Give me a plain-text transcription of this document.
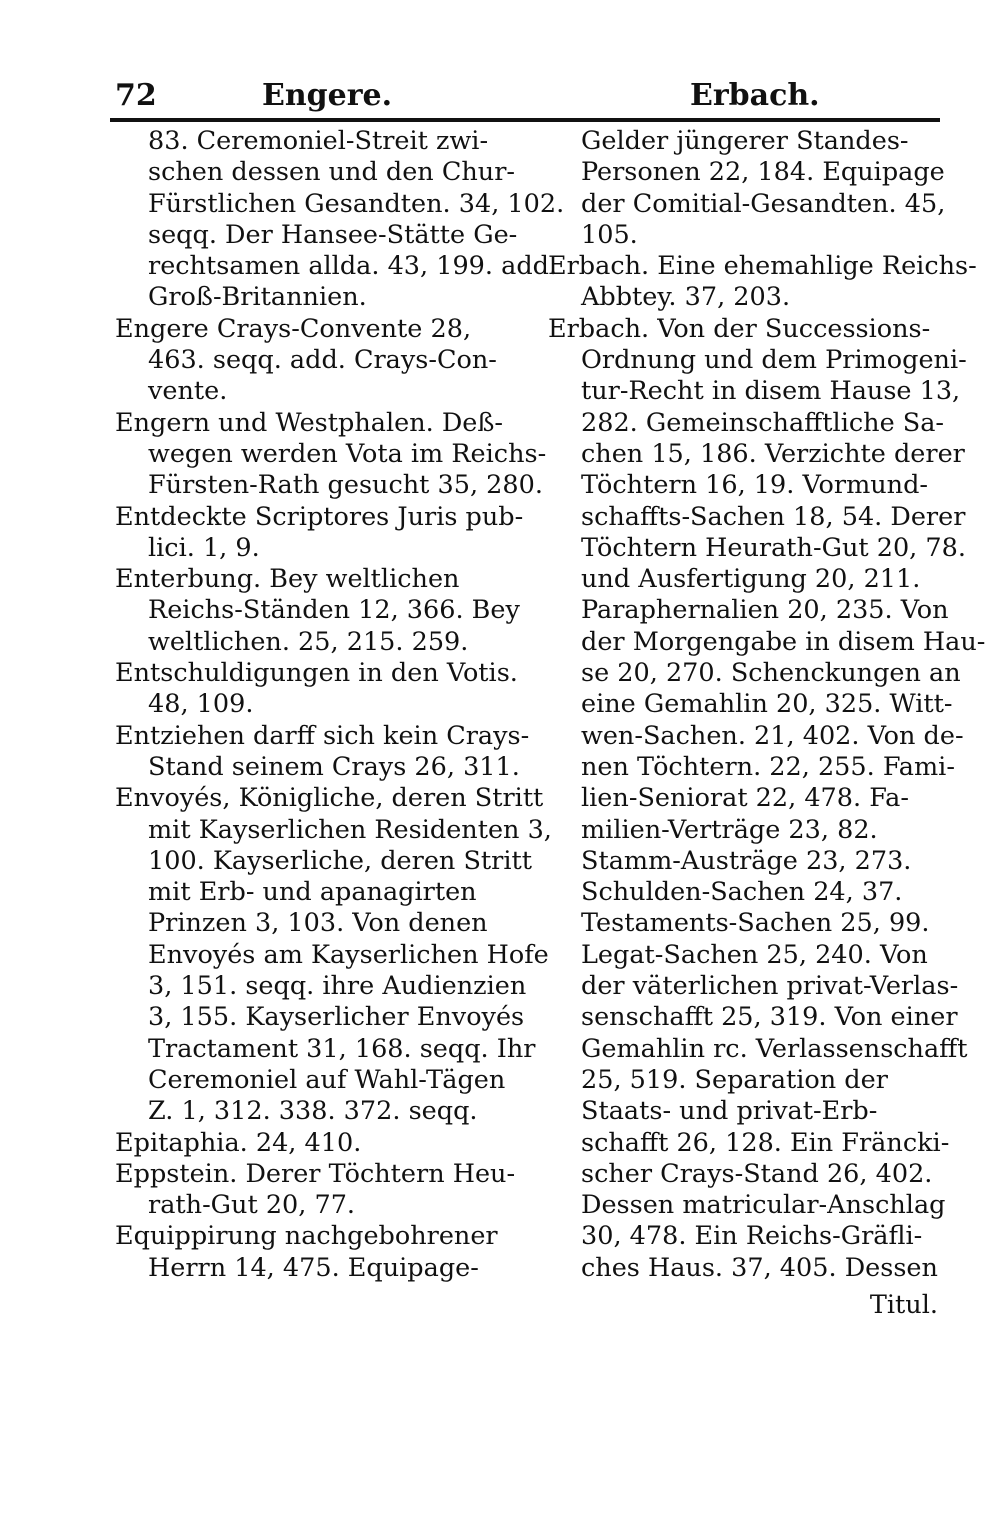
72	Engere.	Erbach.
83. Ceremoniel-Streit zwi-
schen dessen und den Chur-
Fürstlichen Gesandten. 34, 102.
seqq. Der Hansee-Stätte Ge-
rechtsamen allda. 43, 199. add.
Groß-Britannien.
Engere Crays-Convente 28,
463. seqq. add. Crays-Con-
vente.
Engern und Westphalen. Deß-
wegen werden Vota im Reichs-
Fürsten-Rath gesucht 35, 280.
Entdeckte Scriptores Juris pub-
lici. 1, 9.
Enterbung. Bey weltlichen
Reichs-Ständen 12, 366. Bey
weltlichen. 25, 215. 259.
Entschuldigungen in den Votis.
48, 109.
Entziehen darff sich kein Crays-
Stand seinem Crays 26, 311.
Envoyés, Königliche, deren Stritt
mit Kayserlichen Residenten 3,
100. Kayserliche, deren Stritt
mit Erb- und apanagirten
Prinzen 3, 103. Von denen
Envoyés am Kayserlichen Hofe
3, 151. seqq. ihre Audienzien
3, 155. Kayserlicher Envoyés
Tractament 31, 168. seqq. Ihr
Ceremoniel auf Wahl-Tägen
Z. 1, 312. 338. 372. seqq.
Epitaphia. 24, 410.
Eppstein. Derer Töchtern Heu-
rath-Gut 20, 77.
Equippirung nachgebohrener
Herrn 14, 475. Equipage-
Gelder jüngerer Standes-
Personen 22, 184. Equipage
der Comitial-Gesandten. 45,
105.
Erbach. Eine ehemahlige Reichs-
Abbtey. 37, 203.
Erbach. Von der Successions-
Ordnung und dem Primogeni-
tur-Recht in disem Hause 13,
282. Gemeinschafftliche Sa-
chen 15, 186. Verzichte derer
Töchtern 16, 19. Vormund-
schaffts-Sachen 18, 54. Derer
Töchtern Heurath-Gut 20, 78.
und Ausfertigung 20, 211.
Paraphernalien 20, 235. Von
der Morgengabe in disem Hau-
se 20, 270. Schenckungen an
eine Gemahlin 20, 325. Witt-
wen-Sachen. 21, 402. Von de-
nen Töchtern. 22, 255. Fami-
lien-Seniorat 22, 478. Fa-
milien-Verträge 23, 82.
Stamm-Austräge 23, 273.
Schulden-Sachen 24, 37.
Testaments-Sachen 25, 99.
Legat-Sachen 25, 240. Von
der väterlichen privat-Verlas-
senschafft 25, 319. Von einer
Gemahlin rc. Verlassenschafft
25, 519. Separation der
Staats- und privat-Erb-
schafft 26, 128. Ein Fräncki-
scher Crays-Stand 26, 402.
Dessen matricular-Anschlag
30, 478. Ein Reichs-Gräfli-
ches Haus. 37, 405. Dessen
Titul.
